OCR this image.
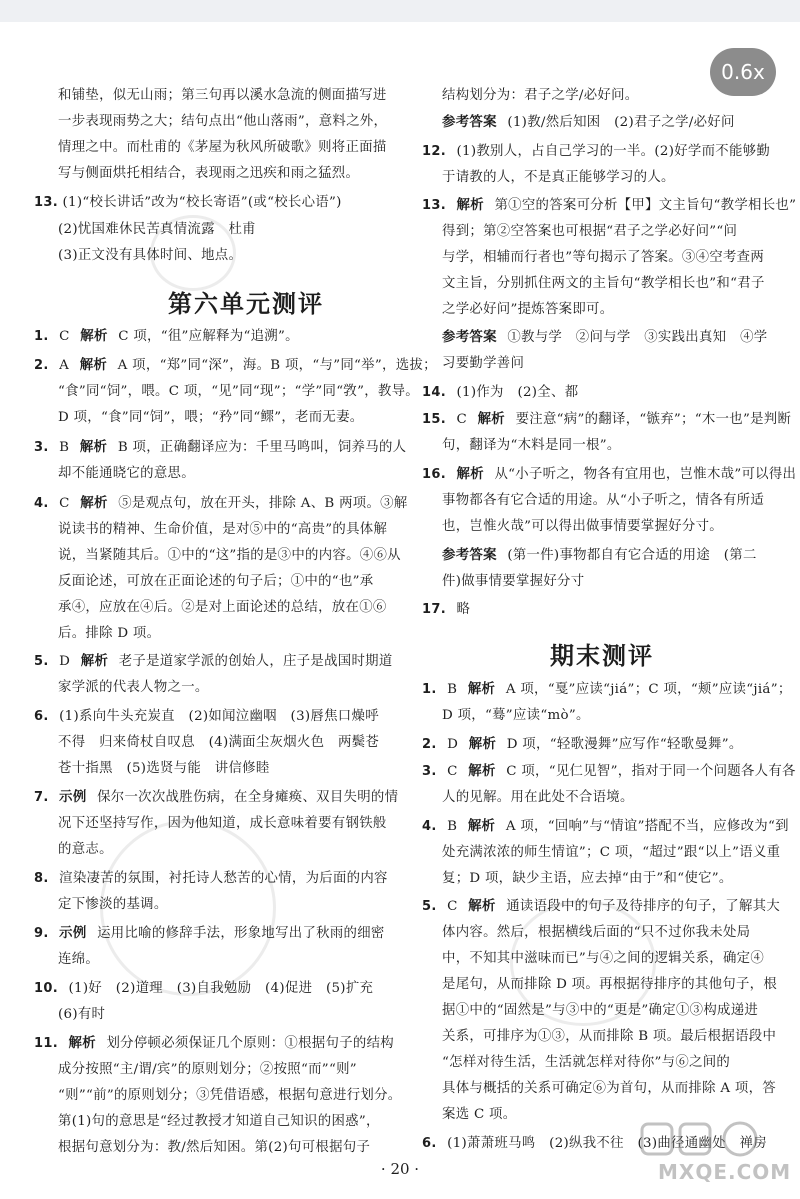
0.6x
和铺垫，似无山雨；第三句再以溪水急流的侧面描写进
一步表现雨势之大；结句点出“他山落雨”，意料之外，
情理之中。而杜甫的《茅屋为秋风所破歌》则将正面描
写与侧面烘托相结合，表现雨之迅疾和雨之猛烈。
13. (1)“校长讲话”改为“校长寄语”(或“校长心语”)
(2)忧国难休民苦真情流露　杜甫
(3)正文没有具体时间、地点。
第六单元测评
1. C 解析 C 项，“徂”应解释为“追溯”。
2. A 解析 A 项，“郑”同“深”，海。B 项，“与”同“举”，选拔；
“食”同“饲”，喂。C 项，“见”同“现”；“学”同“敩”，教导。
D 项，“食”同“饲”，喂；“矜”同“鳏”，老而无妻。
3. B 解析 B 项，正确翻译应为：千里马鸣叫，饲养马的人
却不能通晓它的意思。
4. C 解析 ⑤是观点句，放在开头，排除 A、B 两项。③解
说读书的精神、生命价值，是对⑤中的“高贵”的具体解
说，当紧随其后。①中的“这”指的是③中的内容。④⑥从
反面论述，可放在正面论述的句子后；①中的“也”承
承④，应放在④后。②是对上面论述的总结，放在①⑥
后。排除 D 项。
5. D 解析 老子是道家学派的创始人，庄子是战国时期道
家学派的代表人物之一。
6. (1)系向牛头充炭直　(2)如闻泣幽咽　(3)唇焦口燥呼
不得　归来倚杖自叹息　(4)满面尘灰烟火色　两鬓苍
苍十指黑　(5)选贤与能　讲信修睦
7. 示例 保尔一次次战胜伤病，在全身瘫痪、双目失明的情
况下还坚持写作，因为他知道，成长意味着要有钢铁般
的意志。
8. 渲染凄苦的氛围，衬托诗人愁苦的心情，为后面的内容
定下惨淡的基调。
9. 示例 运用比喻的修辞手法，形象地写出了秋雨的细密
连绵。
10. (1)好　(2)道理　(3)自我勉励　(4)促进　(5)扩充
(6)有时
11. 解析 划分停顿必须保证几个原则：①根据句子的结构
成分按照“主/谓/宾”的原则划分；②按照“而”“则”
“则”“前”的原则划分；③凭借语感，根据句意进行划分。
第(1)句的意思是“经过教授才知道自己知识的困惑”，
根据句意划分为：教/然后知困。第(2)句可根据句子
结构划分为：君子之学/必好问。
参考答案 (1)教/然后知困　(2)君子之学/必好问
12. (1)教别人，占自己学习的一半。(2)好学而不能够勤
于请教的人，不是真正能够学习的人。
13. 解析 第①空的答案可分析【甲】文主旨句“教学相长也”
得到；第②空答案也可根据“君子之学必好问”“问
与学，相辅而行者也”等句揭示了答案。③④空考查两
文主旨，分别抓住两文的主旨句“教学相长也”和“君子
之学必好问”提炼答案即可。
参考答案 ①教与学　②问与学　③实践出真知　④学
习要勤学善问
14. (1)作为　(2)全、都
15. C 解析 要注意“病”的翻译，“镞弃”；“木一也”是判断
句，翻译为“木料是同一根”。
16. 解析 从“小子听之，物各有宜用也，岂惟木哉”可以得出
事物都各有它合适的用途。从“小子听之，情各有所适
也，岂惟火哉”可以得出做事情要掌握好分寸。
参考答案 (第一件)事物都自有它合适的用途　(第二
件)做事情要掌握好分寸
17. 略
期末测评
1. B 解析 A 项，“戛”应读“jiá”；C 项，“颊”应读“jiá”；
D 项，“蓦”应读“mò”。
2. D 解析 D 项，“轻歌漫舞”应写作“轻歌曼舞”。
3. C 解析 C 项，“见仁见智”，指对于同一个问题各人有各
人的见解。用在此处不合语境。
4. B 解析 A 项，“回响”与“情谊”搭配不当，应修改为“到
处充满浓浓的师生情谊”；C 项，“超过”跟“以上”语义重
复；D 项，缺少主语，应去掉“由于”和“使它”。
5. C 解析 通读语段中的句子及待排序的句子，了解其大
体内容。然后，根据横线后面的“只不过你我未处局
中，不知其中滋味而已”与④之间的逻辑关系，确定④
是尾句，从而排除 D 项。再根据待排序的其他句子，根
据①中的“固然是”与③中的“更是”确定①③构成递进
关系，可排序为①③，从而排除 B 项。最后根据语段中
“怎样对待生活，生活就怎样对待你”与⑥之间的
具体与概括的关系可确定⑥为首句，从而排除 A 项，答
案选 C 项。
6. (1)萧萧班马鸣　(2)纵我不往　(3)曲径通幽处　禅房
· 20 ·	MXQE.COM
